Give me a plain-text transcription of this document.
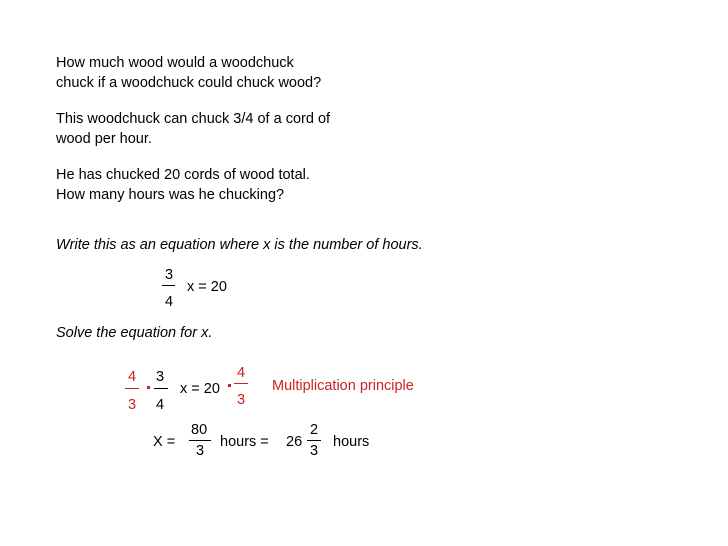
How much wood would a woodchuck
chuck if a woodchuck could chuck wood?
This woodchuck can chuck 3/4 of a cord of
wood per hour.
He has chucked 20 cords of wood total.
How many hours was he chucking?
Write this as an equation where x is the number of hours.
3
4
x = 20
Solve the equation for x.
4
3
3
4
x = 20
4
3
Multiplication principle
X =
80
3
hours = 26
2
3
hours
